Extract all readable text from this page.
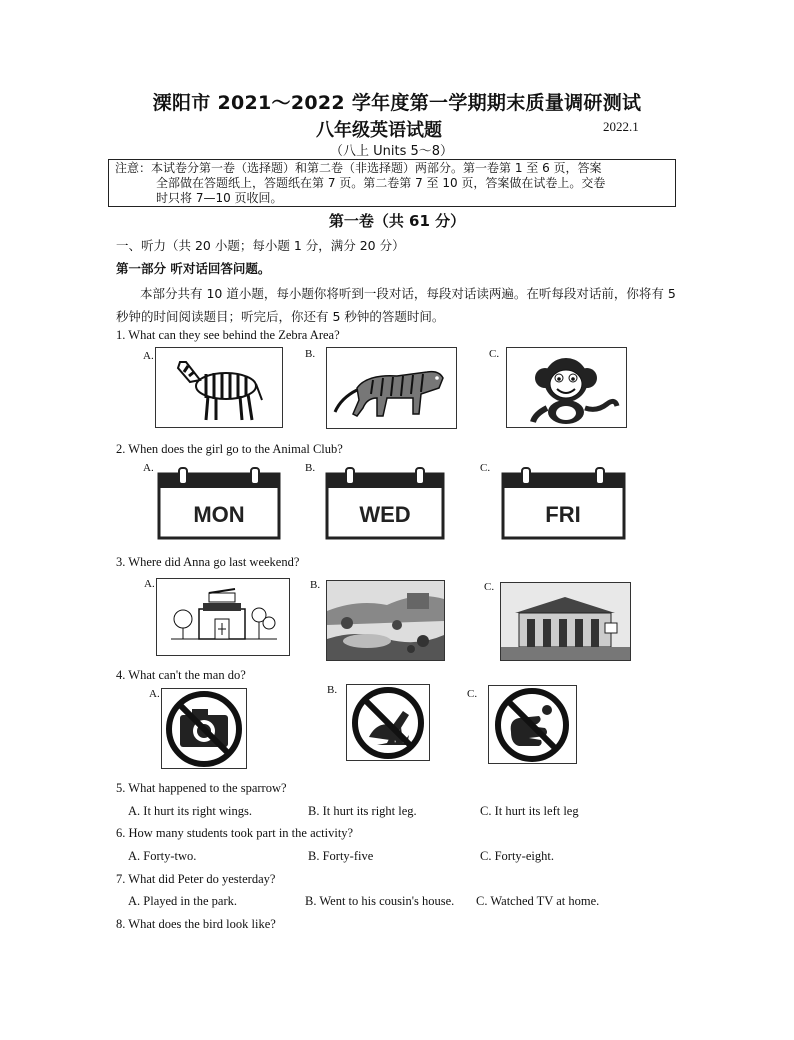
溧阳市 2021～2022 学年度第一学期期末质量调研测试
八年级英语试题	2022.1
（八上 Units 5～8）
注意：本试卷分第一卷（选择题）和第二卷（非选择题）两部分。第一卷第 1 至 6 页，答案
全部做在答题纸上，答题纸在第 7 页。第二卷第 7 至 10 页，答案做在试卷上。交卷
时只将 7—10 页收回。
第一卷（共 61 分）
一、听力（共 20 小题；每小题 1 分，满分 20 分）
第一部分 听对话回答问题。
本部分共有 10 道小题，每小题你将听到一段对话，每段对话读两遍。在听每段对话前，你将有 5 秒钟的时间阅读题目；听完后，你还有 5 秒钟的答题时间。
1. What can they see behind the Zebra Area?
A.	B.	C.
2. When does the girl go to the Animal Club?
A.
MON
B.
WED
C.
FRI
3. Where did Anna go last weekend?
A.	B.	C.
4. What can't the man do?
A.	B.	C.
5. What happened to the sparrow?
A. It hurt its right wings.	B. It hurt its right leg.	C. It hurt its left leg
6. How many students took part in the activity?
A. Forty-two.	B. Forty-five	C. Forty-eight.
7. What did Peter do yesterday?
A. Played in the park.	B. Went to his cousin's house. C. Watched TV at home.
8. What does the bird look like?
